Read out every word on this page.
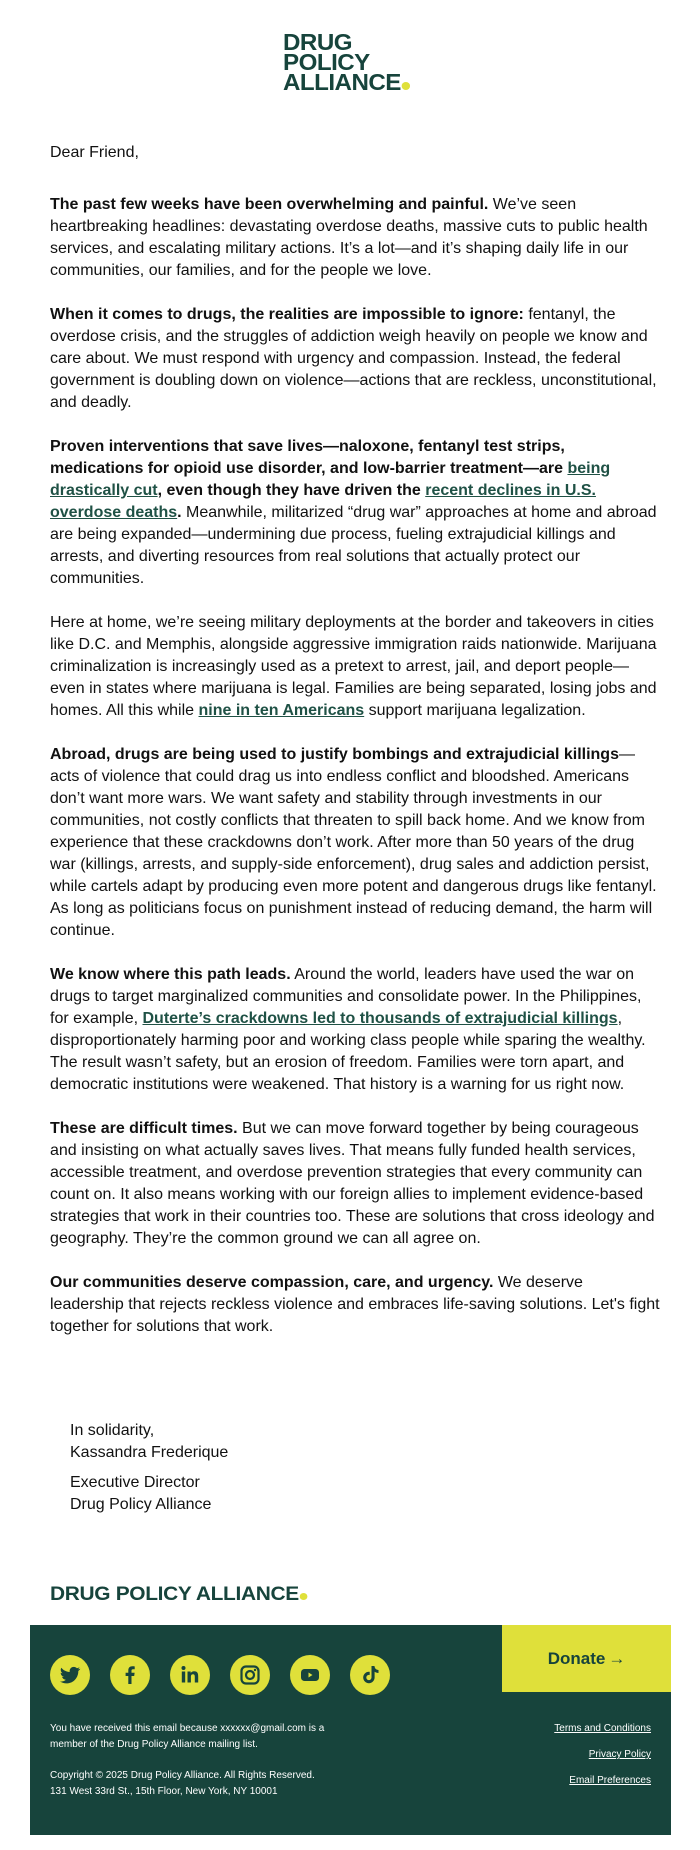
DRUG
POLICY
ALLIANCE

Dear Friend,

The past few weeks have been overwhelming and painful. We’ve seen heartbreaking headlines: devastating overdose deaths, massive cuts to public health services, and escalating military actions. It’s a lot—and it’s shaping daily life in our communities, our families, and for the people we love.

When it comes to drugs, the realities are impossible to ignore: fentanyl, the overdose crisis, and the struggles of addiction weigh heavily on people we know and care about. We must respond with urgency and compassion. Instead, the federal government is doubling down on violence—actions that are reckless, unconstitutional, and deadly.

Proven interventions that save lives—naloxone, fentanyl test strips, medications for opioid use disorder, and low-barrier treatment—are being drastically cut, even though they have driven the recent declines in U.S. overdose deaths. Meanwhile, militarized “drug war” approaches at home and abroad are being expanded—undermining due process, fueling extrajudicial killings and arrests, and diverting resources from real solutions that actually protect our communities.

Here at home, we’re seeing military deployments at the border and takeovers in cities like D.C. and Memphis, alongside aggressive immigration raids nationwide. Marijuana criminalization is increasingly used as a pretext to arrest, jail, and deport people—even in states where marijuana is legal. Families are being separated, losing jobs and homes. All this while nine in ten Americans support marijuana legalization.

Abroad, drugs are being used to justify bombings and extrajudicial killings—acts of violence that could drag us into endless conflict and bloodshed. Americans don’t want more wars. We want safety and stability through investments in our communities, not costly conflicts that threaten to spill back home. And we know from experience that these crackdowns don’t work. After more than 50 years of the drug war (killings, arrests, and supply-side enforcement), drug sales and addiction persist, while cartels adapt by producing even more potent and dangerous drugs like fentanyl. As long as politicians focus on punishment instead of reducing demand, the harm will continue.

We know where this path leads. Around the world, leaders have used the war on drugs to target marginalized communities and consolidate power. In the Philippines, for example, Duterte’s crackdowns led to thousands of extrajudicial killings, disproportionately harming poor and working class people while sparing the wealthy. The result wasn’t safety, but an erosion of freedom. Families were torn apart, and democratic institutions were weakened. That history is a warning for us right now.

These are difficult times. But we can move forward together by being courageous and insisting on what actually saves lives. That means fully funded health services, accessible treatment, and overdose prevention strategies that every community can count on. It also means working with our foreign allies to implement evidence-based strategies that work in their countries too. These are solutions that cross ideology and geography. They’re the common ground we can all agree on.

Our communities deserve compassion, care, and urgency. We deserve leadership that rejects reckless violence and embraces life-saving solutions. Let's fight together for solutions that work.

In solidarity,
Kassandra Frederique
Executive Director
Drug Policy Alliance
DRUG POLICY ALLIANCE
Donate →
You have received this email because xxxxxx@gmail.com is a member of the Drug Policy Alliance mailing list.
Copyright © 2025 Drug Policy Alliance. All Rights Reserved.
131 West 33rd St., 15th Floor, New York, NY 10001
Terms and Conditions
Privacy Policy
Email Preferences
